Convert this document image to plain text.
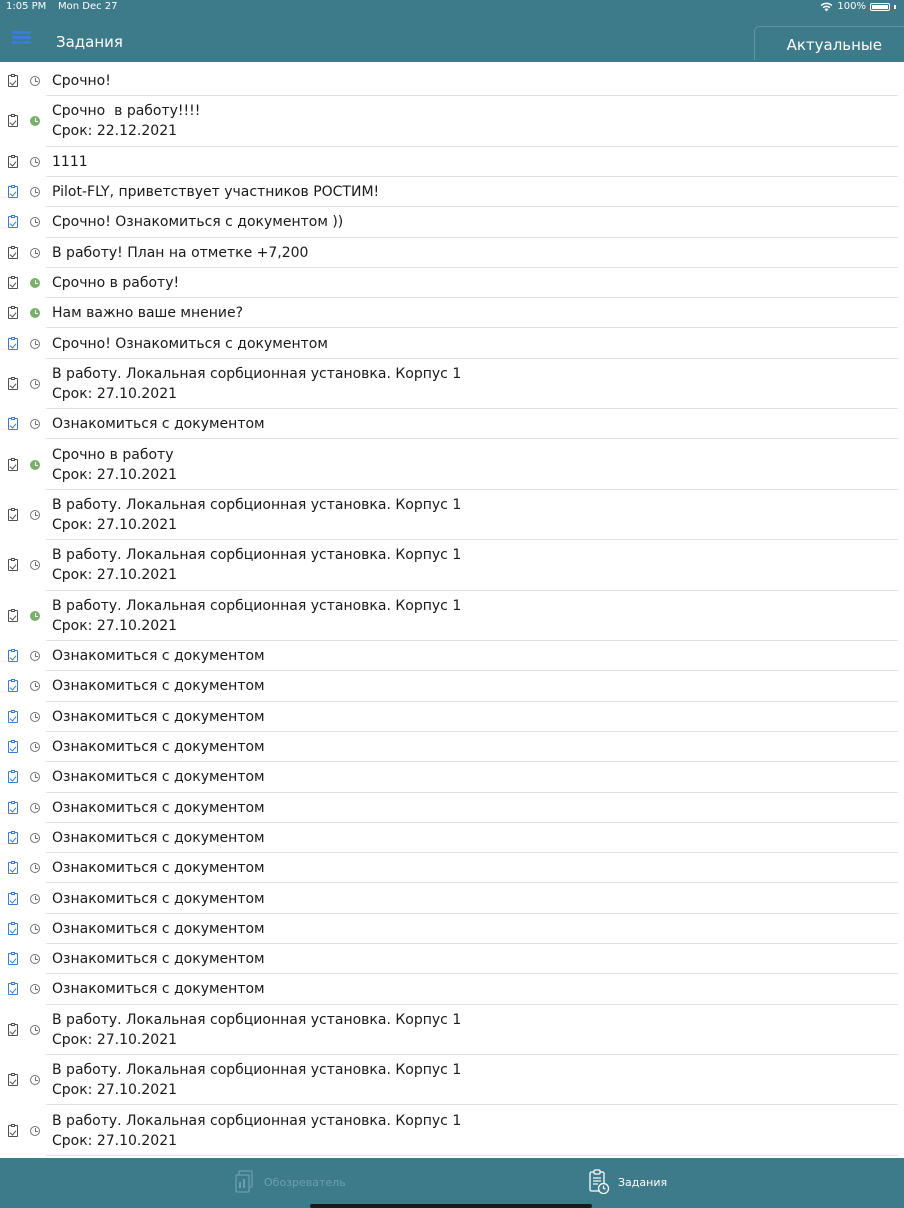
1:05 PM Mon Dec 27	100%
Задания	Актуальные
Срочно!
Срочно  в работу!!!!
Срок: 22.12.2021
1111
Pilot-FLY, приветствует участников РОСТИМ!
Срочно! Ознакомиться с документом ))
В работу! План на отметке +7,200
Срочно в работу!
Нам важно ваше мнение?
Срочно! Ознакомиться с документом
В работу. Локальная сорбционная установка. Корпус 1
Срок: 27.10.2021
Ознакомиться с документом
Срочно в работу
Срок: 27.10.2021
В работу. Локальная сорбционная установка. Корпус 1
Срок: 27.10.2021
В работу. Локальная сорбционная установка. Корпус 1
Срок: 27.10.2021
В работу. Локальная сорбционная установка. Корпус 1
Срок: 27.10.2021
Ознакомиться с документом
Ознакомиться с документом
Ознакомиться с документом
Ознакомиться с документом
Ознакомиться с документом
Ознакомиться с документом
Ознакомиться с документом
Ознакомиться с документом
Ознакомиться с документом
Ознакомиться с документом
Ознакомиться с документом
Ознакомиться с документом
В работу. Локальная сорбционная установка. Корпус 1
Срок: 27.10.2021
В работу. Локальная сорбционная установка. Корпус 1
Срок: 27.10.2021
В работу. Локальная сорбционная установка. Корпус 1
Срок: 27.10.2021
Обозреватель	Задания
